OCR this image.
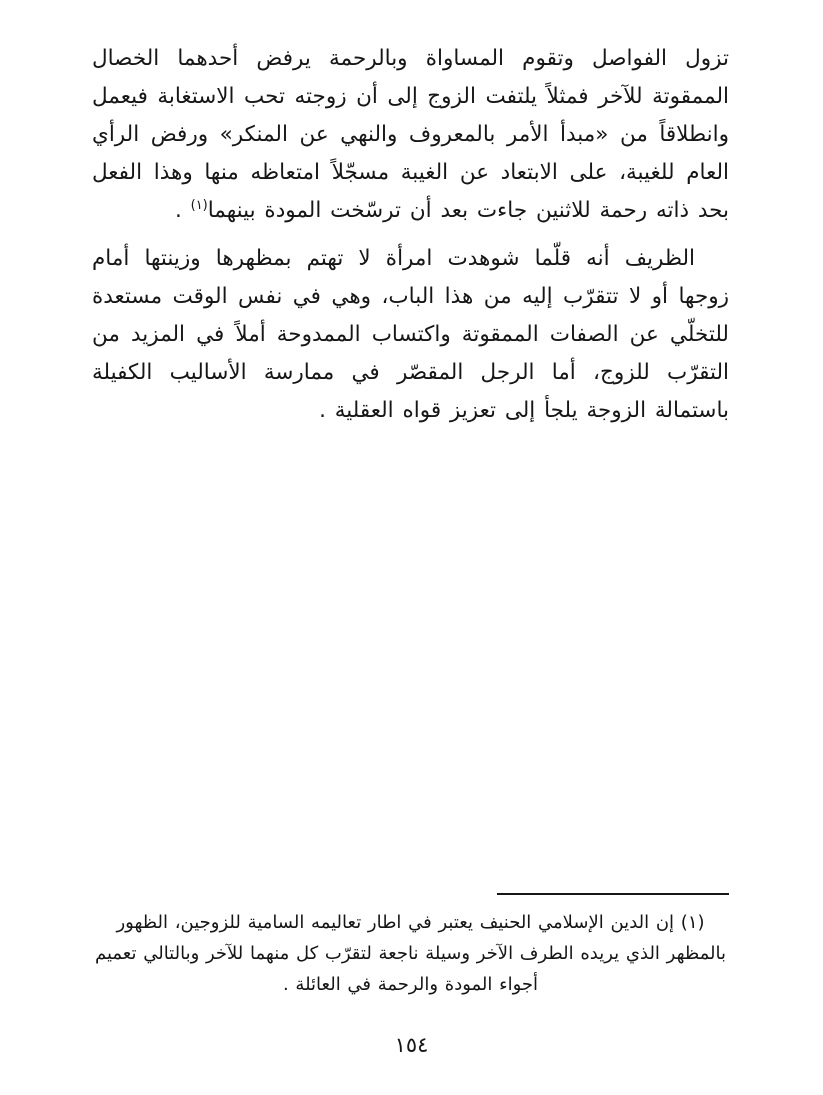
تزول الفواصل وتقوم المساواة وبالرحمة يرفض أحدهما الخصال الممقوتة للآخر فمثلاً يلتفت الزوج إلى أن زوجته تحب الاستغابة فيعمل وانطلاقاً من «مبدأ الأمر بالمعروف والنهي عن المنكر» ورفض الرأي العام للغيبة، على الابتعاد عن الغيبة مسجّلاً امتعاظه منها وهذا الفعل بحد ذاته رحمة للاثنين جاءت بعد أن ترسّخت المودة بينهما$^{(١)}$ .

الظريف أنه قلّما شوهدت امرأة لا تهتم بمظهرها وزينتها أمام زوجها أو لا تتقرّب إليه من هذا الباب، وهي في نفس الوقت مستعدة للتخلّي عن الصفات الممقوتة واكتساب الممدوحة أملاً في المزيد من التقرّب للزوج، أما الرجل المقصّر في ممارسة الأساليب الكفيلة باستمالة الزوجة يلجأ إلى تعزيز قواه العقلية .

(١) إن الدين الإسلامي الحنيف يعتبر في اطار تعاليمه السامية للزوجين، الظهور بالمظهر الذي يريده الطرف الآخر وسيلة ناجعة لتقرّب كل منهما للآخر وبالتالي تعميم أجواء المودة والرحمة في العائلة .

١٥٤
